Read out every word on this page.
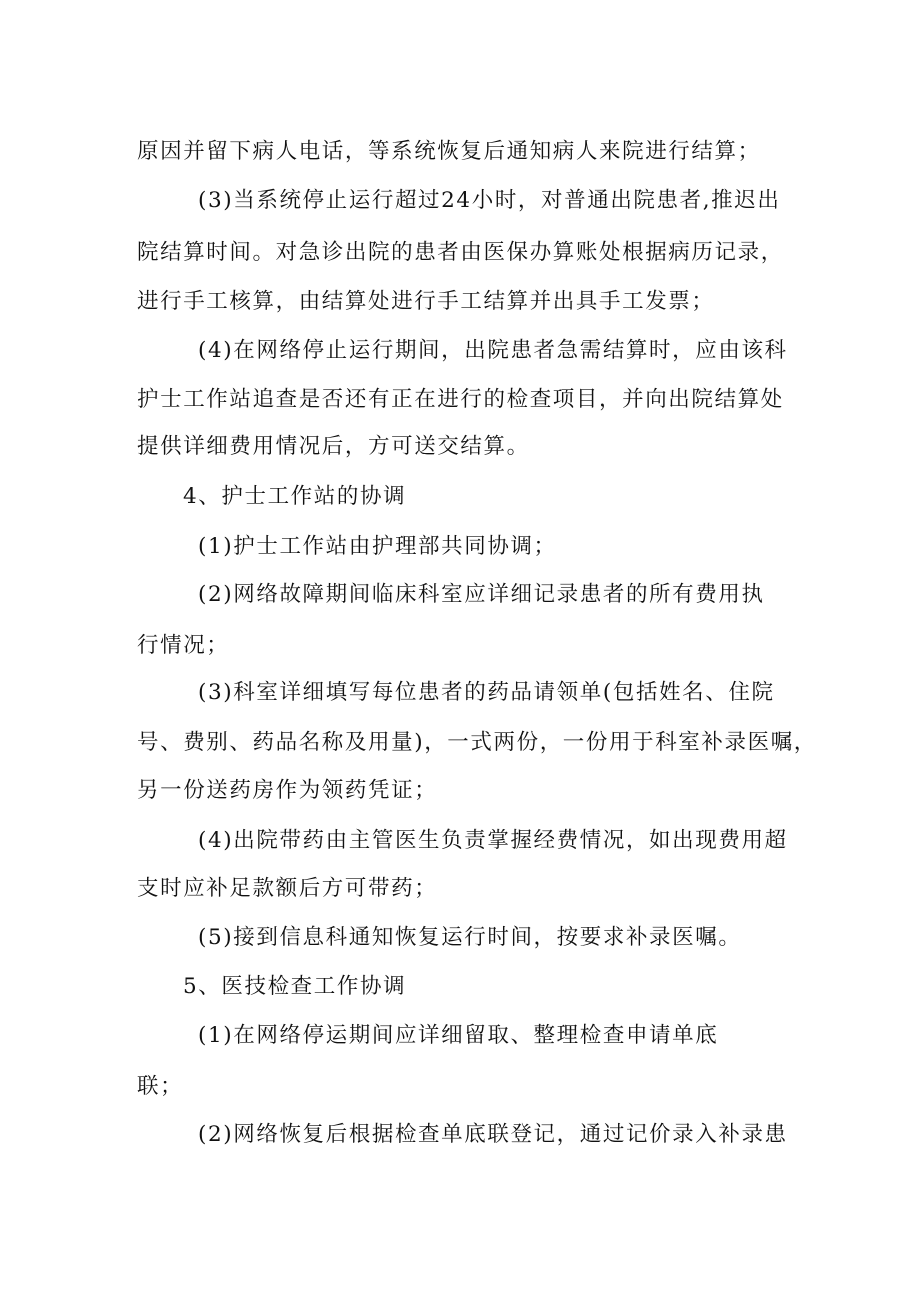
原因并留下病人电话，等系统恢复后通知病人来院进行结算；
(3)当系统停止运行超过24小时，对普通出院患者,推迟出
院结算时间。对急诊出院的患者由医保办算账处根据病历记录，
进行手工核算，由结算处进行手工结算并出具手工发票；
(4)在网络停止运行期间，出院患者急需结算时，应由该科
护士工作站追查是否还有正在进行的检查项目，并向出院结算处
提供详细费用情况后，方可送交结算。
4、护士工作站的协调
(1)护士工作站由护理部共同协调；
(2)网络故障期间临床科室应详细记录患者的所有费用执
行情况；
(3)科室详细填写每位患者的药品请领单(包括姓名、住院
号、费别、药品名称及用量)，一式两份，一份用于科室补录医嘱，
另一份送药房作为领药凭证；
(4)出院带药由主管医生负责掌握经费情况，如出现费用超
支时应补足款额后方可带药；
(5)接到信息科通知恢复运行时间，按要求补录医嘱。
5、医技检查工作协调
(1)在网络停运期间应详细留取、整理检查申请单底
联；
(2)网络恢复后根据检查单底联登记，通过记价录入补录患
